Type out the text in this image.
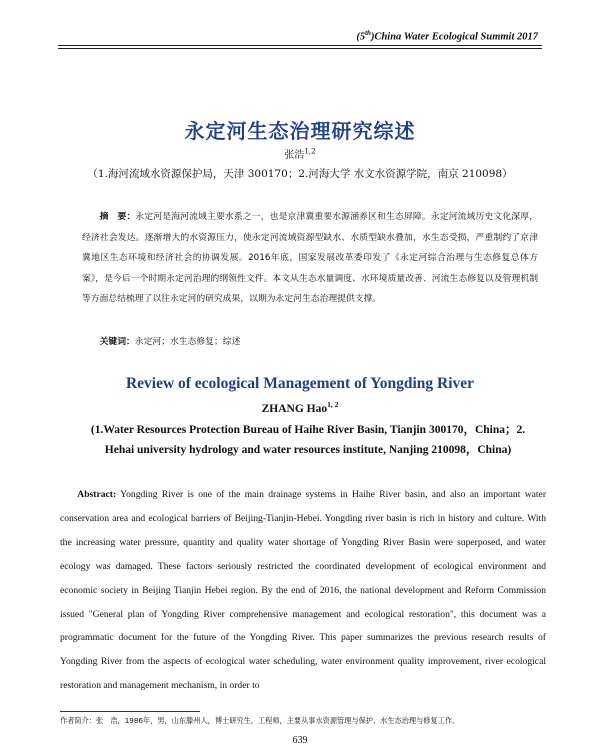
(5th)China Water Ecological Summit 2017
永定河生态治理研究综述
张浩$^{1,2}$
（1.海河流域水资源保护局，天津 300170；2.河海大学 水文水资源学院，南京 210098）
摘　要：永定河是海河流域主要水系之一，也是京津冀重要水源涵养区和生态屏障。永定河流域历史文化深厚，经济社会发达。逐渐增大的水资源压力，使永定河流域资源型缺水、水质型缺水叠加，水生态受损，严重制约了京津冀地区生态环境和经济社会的协调发展。2016年底，国家发展改革委印发了《永定河综合治理与生态修复总体方案》，是今后一个时期永定河治理的纲领性文件。本文从生态水量调度、水环境质量改善、河流生态修复以及管理机制等方面总结梳理了以往永定河的研究成果，以期为永定河生态治理提供支撑。
关键词：永定河；水生态修复；综述
Review of ecological Management of Yongding River
ZHANG Hao$^{1, 2}$
(1.Water Resources Protection Bureau of Haihe River Basin, Tianjin 300170，China；2. Hehai university hydrology and water resources institute, Nanjing 210098，China)
Abstract: Yongding River is one of the main drainage systems in Haihe River basin, and also an important water conservation area and ecological barriers of Beijing-Tianjin-Hebei. Yongding river basin is rich in history and culture. With the increasing water pressure, quantity and quality water shortage of Yongding River Basin were superposed, and water ecology was damaged. These factors seriously restricted the coordinated development of ecological environment and economic society in Beijing Tianjin Hebei region. By the end of 2016, the national development and Reform Commission issued "General plan of Yongding River comprehensive management and ecological restoration", this document was a programmatic document for the future of the Yongding River. This paper summarizes the previous research results of Yongding River from the aspects of ecological water scheduling, water environment quality improvement, river ecological restoration and management mechanism, in order to
作者简介：张　浩，1986年，男，山东滕州人，博士研究生，工程师，主要从事水资源管理与保护、水生态治理与修复工作。
639
